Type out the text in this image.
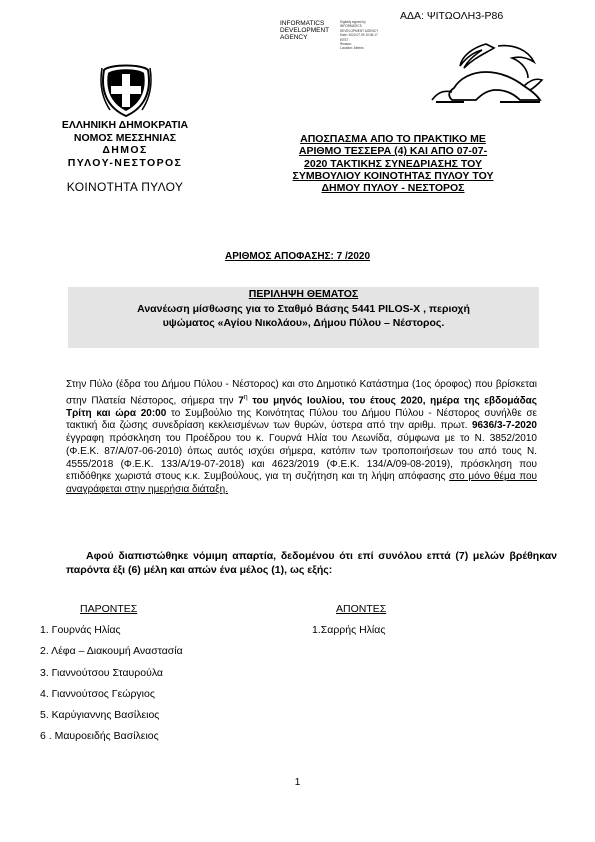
ΑΔΑ: ΨΙΤΩΟΛΗ3-Ρ86
INFORMATICS
DEVELOPMENT
AGENCY
Digitally signed by
INFORMATICS
DEVELOPMENT AGENCY
Date: 2020.07.09 10:36:17
EEST
Reason:
Location: Athens
ΕΛΛΗΝΙΚΗ ΔΗΜΟΚΡΑΤΙΑ
ΝΟΜΟΣ ΜΕΣΣΗΝΙΑΣ
ΔΗΜΟΣ
ΠΥΛΟΥ-ΝΕΣΤΟΡΟΣ
ΚΟΙΝΟΤΗΤΑ ΠΥΛΟΥ
ΑΠΟΣΠΑΣΜΑ ΑΠΟ ΤΟ ΠΡΑΚΤΙΚΟ ΜΕ
ΑΡΙΘΜΟ ΤΕΣΣΕΡΑ (4) ΚΑΙ ΑΠΟ 07-07-
2020 ΤΑΚΤΙΚΗΣ ΣΥΝΕΔΡΙΑΣΗΣ ΤΟΥ
ΣΥΜΒΟΥΛΙΟΥ ΚΟΙΝΟΤΗΤΑΣ ΠΥΛΟΥ ΤΟΥ
ΔΗΜΟΥ ΠΥΛΟΥ - ΝΕΣΤΟΡΟΣ
ΑΡΙΘΜΟΣ ΑΠΟΦΑΣΗΣ: 7 /2020
ΠΕΡΙΛΗΨΗ ΘΕΜΑΤΟΣ
Ανανέωση μίσθωσης για το Σταθμό Βάσης 5441 PILOS-X , περιοχή
υψώματος «Αγίου Νικολάου», Δήμου Πύλου – Νέστορος.
Στην Πύλο (έδρα του Δήμου Πύλου - Νέστορος) και στο Δημοτικό Κατάστημα (1ος όροφος) που βρίσκεται στην Πλατεία Νέστορος, σήμερα την $7^\eta$ του μηνός Ιουλίου, του έτους 2020, ημέρα της εβδομάδας Τρίτη και ώρα 20:00 το Συμβούλιο της Κοινότητας Πύλου του Δήμου Πύλου - Νέστορος συνήλθε σε τακτική δια ζώσης συνεδρίαση κεκλεισμένων των θυρών, ύστερα από την αριθμ. πρωτ. 9636/3-7-2020 έγγραφη πρόσκληση του Προέδρου του κ. Γουρνά Ηλία του Λεωνίδα, σύμφωνα με το Ν. 3852/2010 (Φ.Ε.Κ. 87/Α/07-06-2010) όπως αυτός ισχύει σήμερα, κατόπιν των τροποποιήσεων του από τους Ν. 4555/2018 (Φ.Ε.Κ. 133/Α/19-07-2018) και 4623/2019 (Φ.Ε.Κ. 134/Α/09-08-2019), πρόσκληση που επιδόθηκε χωριστά στους κ.κ. Συμβούλους, για τη συζήτηση και τη λήψη απόφασης στο μόνο θέμα που αναγράφεται στην ημερήσια διάταξη.
Αφού διαπιστώθηκε νόμιμη απαρτία, δεδομένου ότι επί συνόλου επτά (7) μελών βρέθηκαν παρόντα έξι (6) μέλη και απών ένα μέλος (1), ως εξής:
ΠΑΡΟΝΤΕΣ	ΑΠΟΝΤΕΣ
1. Γουρνάς Ηλίας
2. Λέφα – Διακουμή Αναστασία
3. Γιαννούτσου Σταυρούλα
4. Γιαννούτσος Γεώργιος
5. Καρύγιαννης Βασίλειος
6 . Μαυροειδής Βασίλειος
1.Σαρρής Ηλίας
1
